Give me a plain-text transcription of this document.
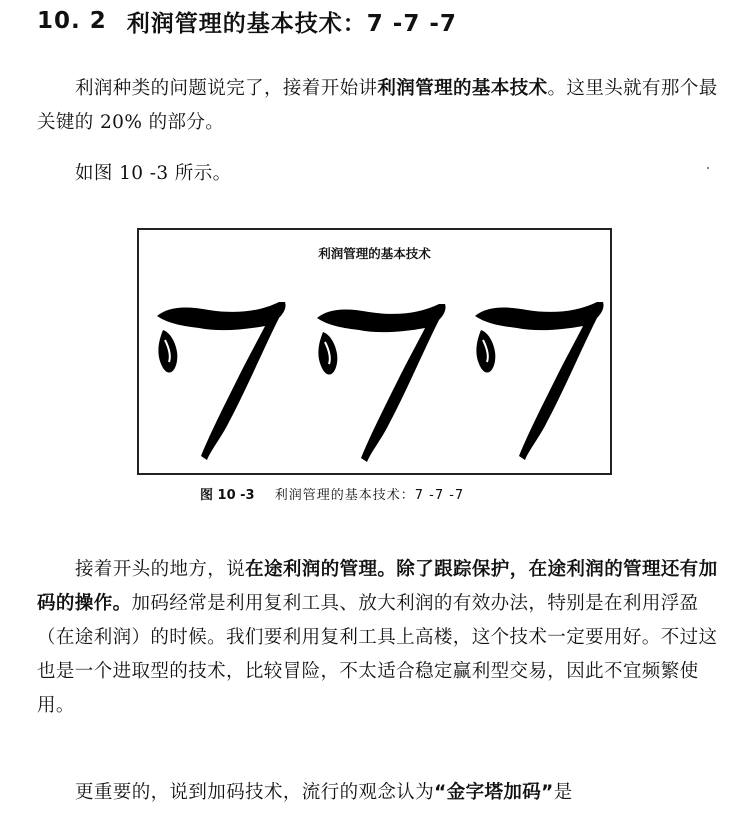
10. 2 利润管理的基本技术：7 -7 -7

利润种类的问题说完了，接着开始讲利润管理的基本技术。这里头就有那个最关键的 20% 的部分。

如图 10 -3 所示。

利润管理的基本技术
图 10 -3 利润管理的基本技术：7 -7 -7

接着开头的地方，说在途利润的管理。除了跟踪保护，在途利润的管理还有加码的操作。加码经常是利用复利工具、放大利润的有效办法，特别是在利用浮盈（在途利润）的时候。我们要利用复利工具上高楼，这个技术一定要用好。不过这也是一个进取型的技术，比较冒险，不太适合稳定赢利型交易，因此不宜频繁使用。

更重要的，说到加码技术，流行的观念认为“金字塔加码”是
